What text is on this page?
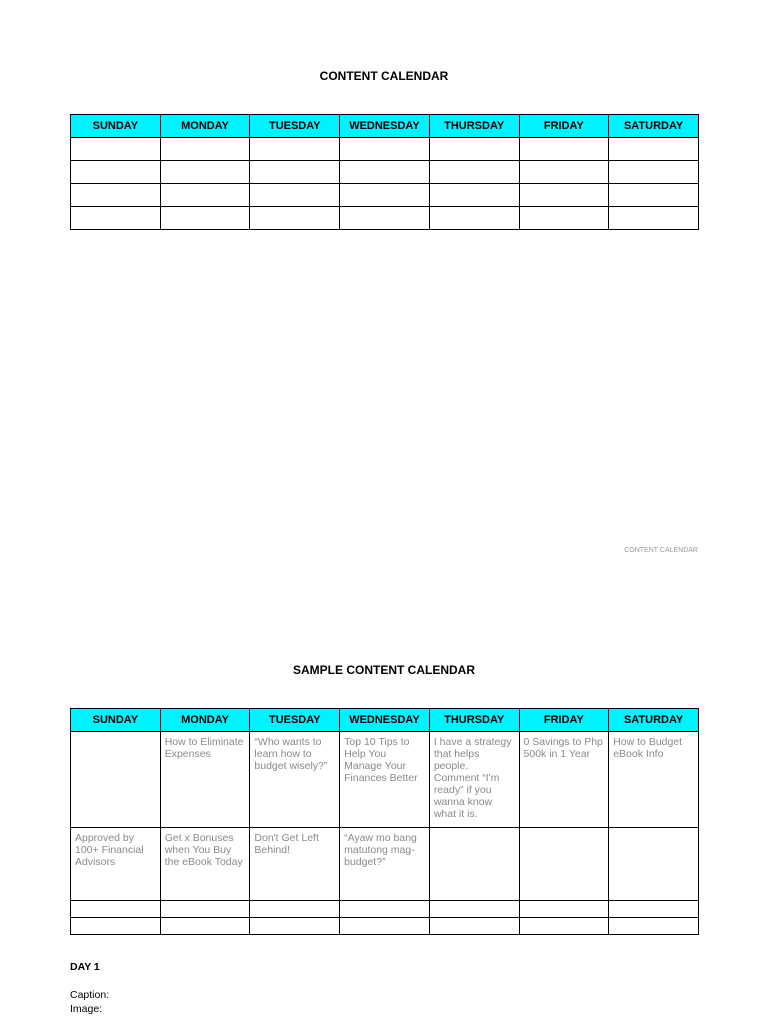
CONTENT CALENDAR
SUNDAY	MONDAY	TUESDAY	WEDNESDAY	THURSDAY	FRIDAY	SATURDAY

CONTENT CALENDAR
SAMPLE CONTENT CALENDAR
SUNDAY	MONDAY	TUESDAY	WEDNESDAY	THURSDAY	FRIDAY	SATURDAY
	How to Eliminate Expenses	“Who wants to learn how to budget wisely?”	Top 10 Tips to Help You Manage Your Finances Better	I have a strategy that helps people. Comment “I'm ready” if you wanna know what it is.	0 Savings to Php 500k in 1 Year	How to Budget eBook Info
Approved by 100+ Financial Advisors	Get x Bonuses when You Buy the eBook Today	Don't Get Left Behind!	“Ayaw mo bang matutong mag-budget?”			

DAY 1
Caption:
Image:
